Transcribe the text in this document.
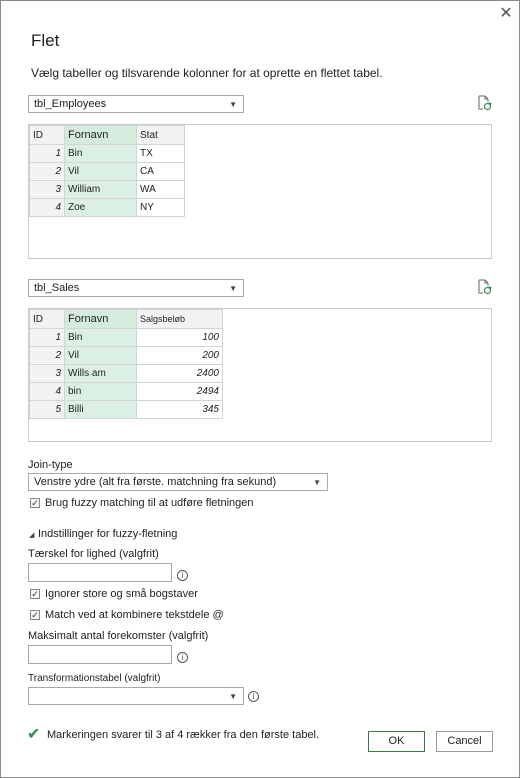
✕
Flet
Vælg tabeller og tilsvarende kolonner for at oprette en flettet tabel.
tbl_Employees	▼
ID	Fornavn	Stat
1	Bin	TX
2	Vil	CA
3	William	WA
4	Zoe	NY
tbl_Sales	▼
ID	Fornavn	Salgsbeløb
1	Bin	100
2	Vil	200
3	Wills am	2400
4	bin	2494
5	Billi	345
Join-type
Venstre ydre (alt fra første. matchning fra sekund)	▼
✓ Brug fuzzy matching til at udføre fletningen
◢ Indstillinger for fuzzy-fletning
Tærskel for lighed (valgfrit)
i
✓ Ignorer store og små bogstaver
✓ Match ved at kombinere tekstdele @
Maksimalt antal forekomster (valgfrit)
i
Transformationstabel (valgfrit)
▼	i
✔ Markeringen svarer til 3 af 4 rækker fra den første tabel.	OK	Cancel
